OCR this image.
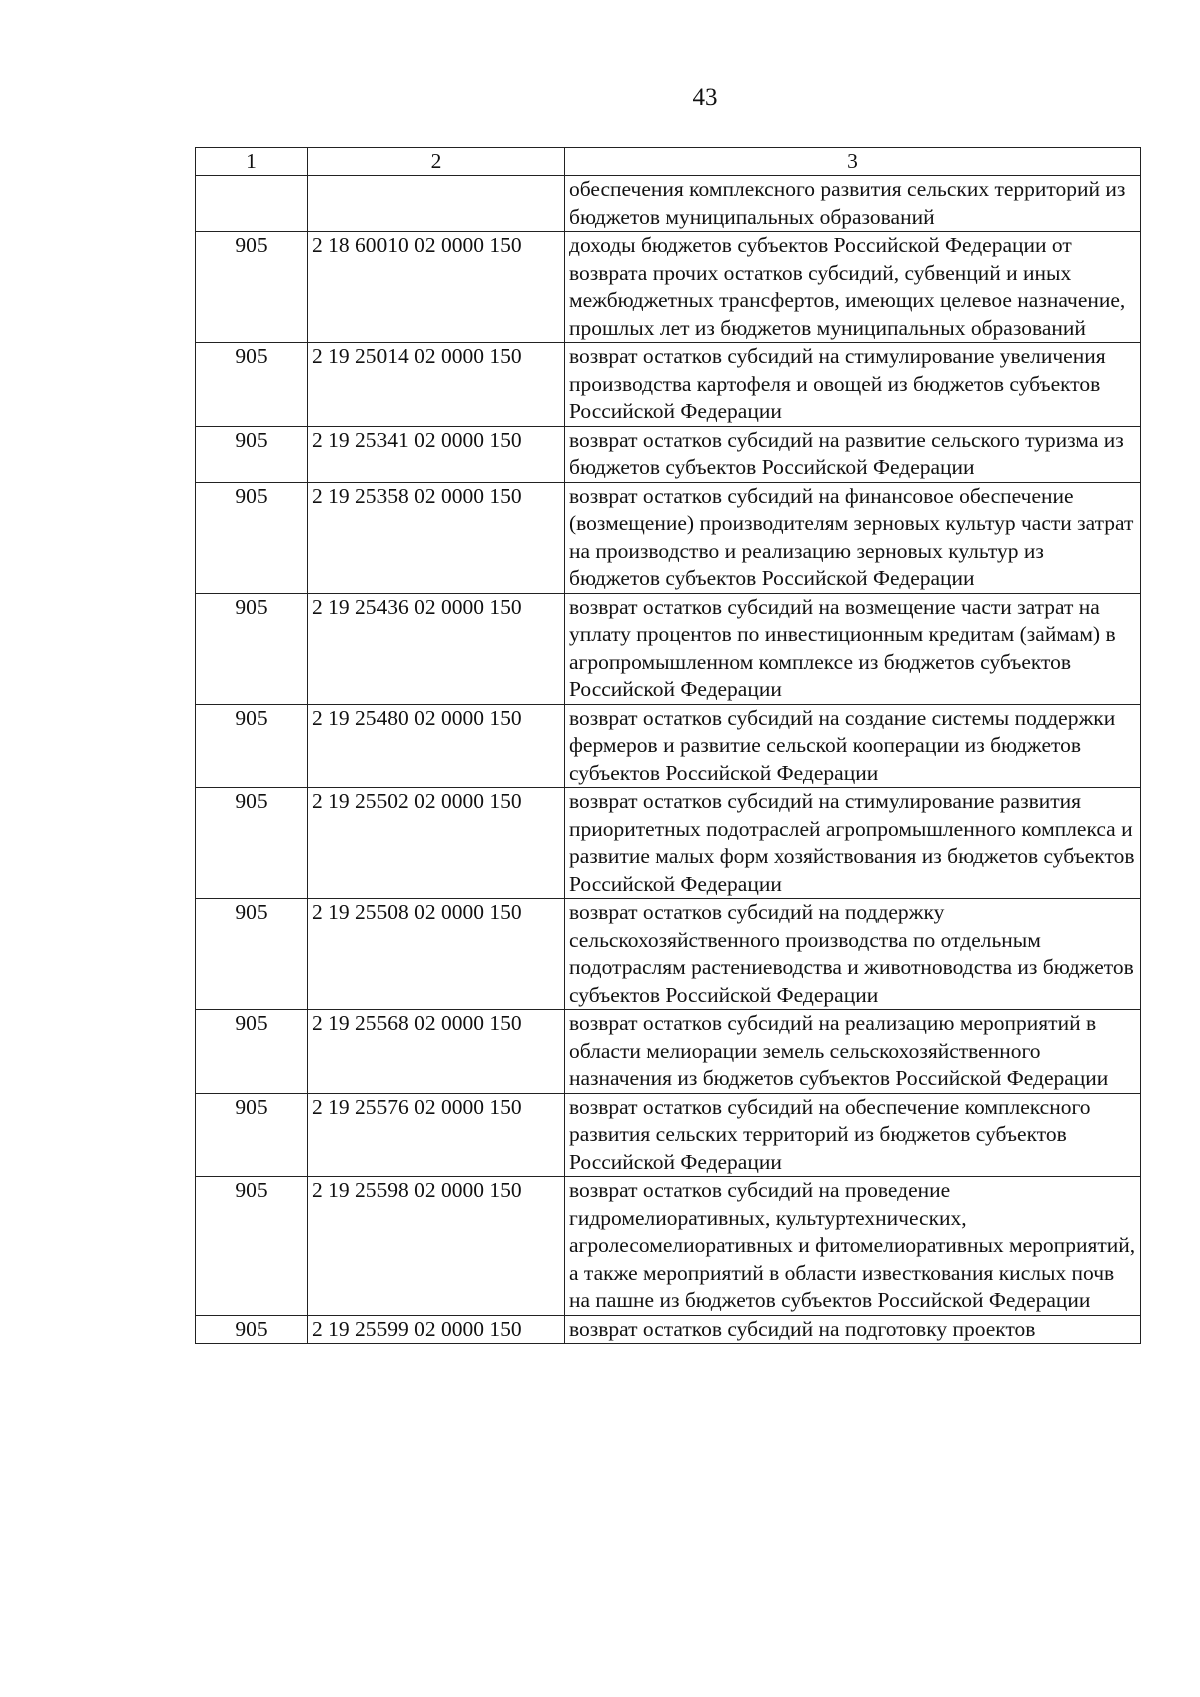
43
1	2	3
		обеспечения комплексного развития сельских территорий из бюджетов муниципальных образований
905	2 18 60010 02 0000 150	доходы бюджетов субъектов Российской Федерации от возврата прочих остатков субсидий, субвенций и иных межбюджетных трансфертов, имеющих целевое назначение, прошлых лет из бюджетов муниципальных образований
905	2 19 25014 02 0000 150	возврат остатков субсидий на стимулирование увеличения производства картофеля и овощей из бюджетов субъектов Российской Федерации
905	2 19 25341 02 0000 150	возврат остатков субсидий на развитие сельского туризма из бюджетов субъектов Российской Федерации
905	2 19 25358 02 0000 150	возврат остатков субсидий на финансовое обеспечение (возмещение) производителям зерновых культур части затрат на производство и реализацию зерновых культур из бюджетов субъектов Российской Федерации
905	2 19 25436 02 0000 150	возврат остатков субсидий на возмещение части затрат на уплату процентов по инвестиционным кредитам (займам) в агропромышленном комплексе из бюджетов субъектов Российской Федерации
905	2 19 25480 02 0000 150	возврат остатков субсидий на создание системы поддержки фермеров и развитие сельской кооперации из бюджетов субъектов Российской Федерации
905	2 19 25502 02 0000 150	возврат остатков субсидий на стимулирование развития приоритетных подотраслей агропромышленного комплекса и развитие малых форм хозяйствования из бюджетов субъектов Российской Федерации
905	2 19 25508 02 0000 150	возврат остатков субсидий на поддержку сельскохозяйственного производства по отдельным подотраслям растениеводства и животноводства из бюджетов субъектов Российской Федерации
905	2 19 25568 02 0000 150	возврат остатков субсидий на реализацию мероприятий в области мелиорации земель сельскохозяйственного назначения из бюджетов субъектов Российской Федерации
905	2 19 25576 02 0000 150	возврат остатков субсидий на обеспечение комплексного развития сельских территорий из бюджетов субъектов Российской Федерации
905	2 19 25598 02 0000 150	возврат остатков субсидий на проведение гидромелиоративных, культуртехнических, агролесомелиоративных и фитомелиоративных мероприятий, а также мероприятий в области известкования кислых почв на пашне из бюджетов субъектов Российской Федерации
905	2 19 25599 02 0000 150	возврат остатков субсидий на подготовку проектов
